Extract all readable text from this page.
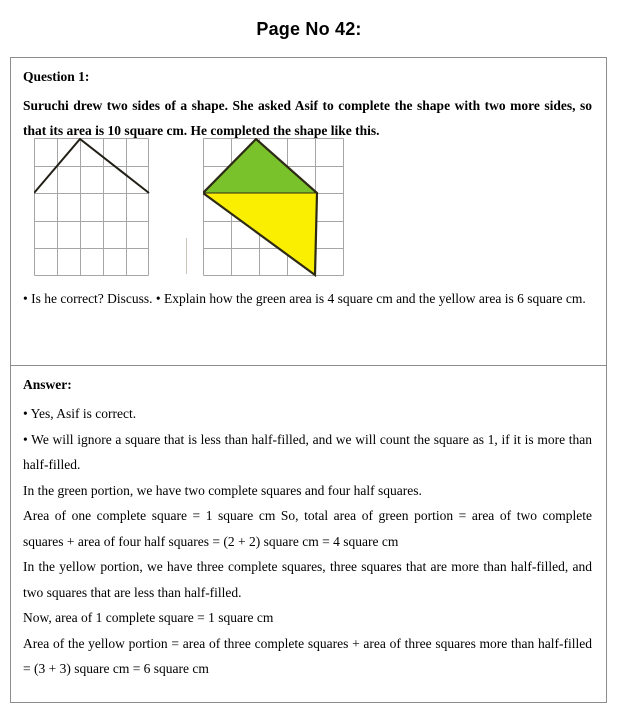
Page No 42:
Question 1:
Suruchi drew two sides of a shape. She asked Asif to complete the shape with two more sides, so that its area is 10 square cm. He completed the shape like this.
• Is he correct? Discuss. • Explain how the green area is 4 square cm and the yellow area is 6 square cm.
Answer:
• Yes, Asif is correct.
• We will ignore a square that is less than half-filled, and we will count the square as 1, if it is more than half-filled.
In the green portion, we have two complete squares and four half squares.
Area of one complete square = 1 square cm So, total area of green portion = area of two complete squares + area of four half squares = (2 + 2) square cm = 4 square cm
In the yellow portion, we have three complete squares, three squares that are more than half-filled, and two squares that are less than half-filled.
Now, area of 1 complete square = 1 square cm
Area of the yellow portion = area of three complete squares + area of three squares more than half-filled = (3 + 3) square cm = 6 square cm
